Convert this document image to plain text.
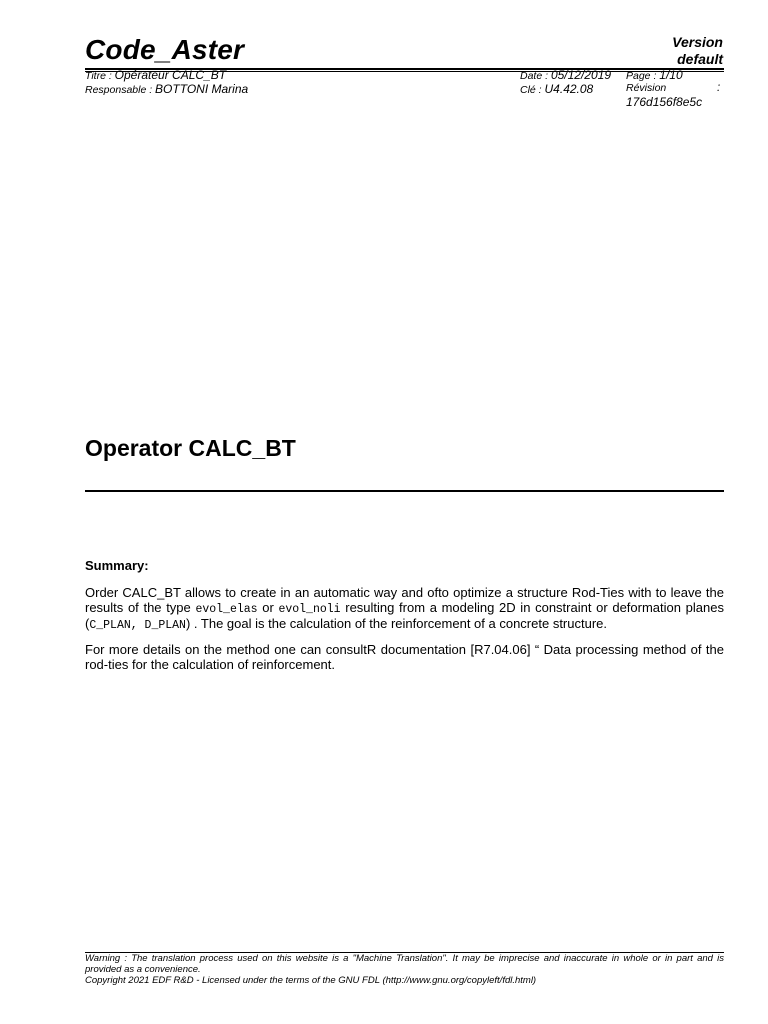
Code_Aster	Version
default
Titre : Opérateur CALC_BT
Responsable : BOTTONI Marina
Date : 05/12/2019 Page : 1/10
Clé : U4.42.08	Révision	:
176d156f8e5c
Operator CALC_BT
Summary:
Order CALC_BT allows to create in an automatic way and ofto optimize a structure Rod-Ties with to leave the results of the type evol_elas or evol_noli resulting from a modeling 2D in constraint or deformation planes (C_PLAN, D_PLAN) . The goal is the calculation of the reinforcement of a concrete structure.
For more details on the method one can consultR documentation [R7.04.06] “ Data processing method of the rod-ties for the calculation of reinforcement.
Warning : The translation process used on this website is a "Machine Translation". It may be imprecise and inaccurate in whole or in part and is provided as a convenience.
Copyright 2021 EDF R&D - Licensed under the terms of the GNU FDL (http://www.gnu.org/copyleft/fdl.html)
